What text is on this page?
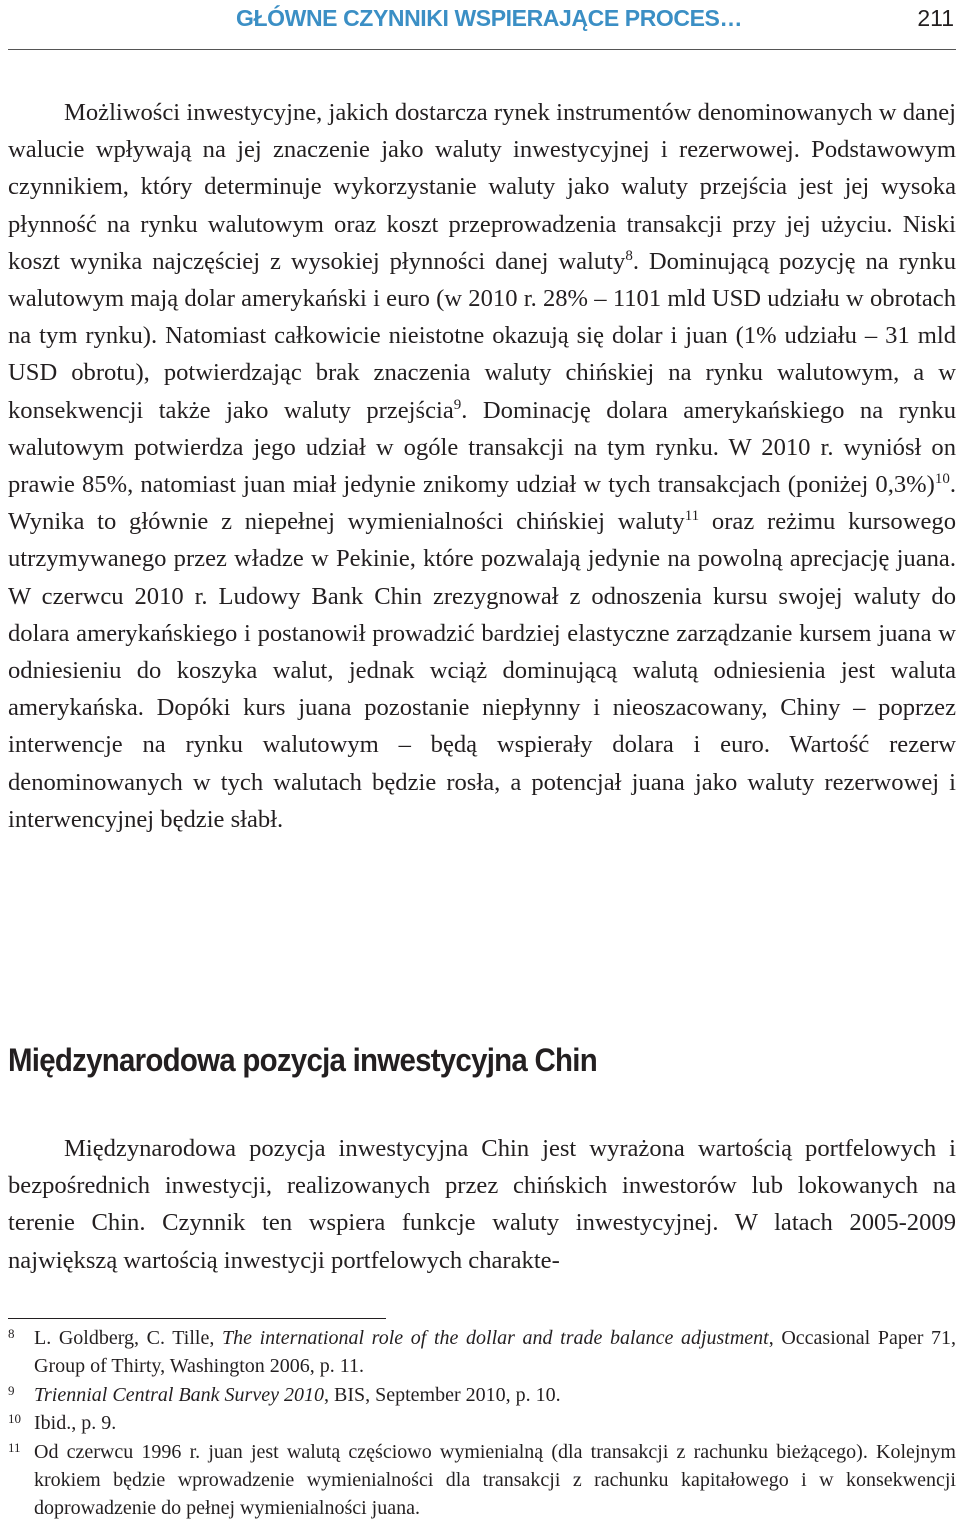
GŁÓWNE CZYNNIKI WSPIERAJĄCE PROCES…	211

Możliwości inwestycyjne, jakich dostarcza rynek instrumentów denominowanych w danej walucie wpływają na jej znaczenie jako waluty inwestycyjnej i rezerwowej. Podstawowym czynnikiem, który determinuje wykorzystanie waluty jako waluty przejścia jest jej wysoka płynność na rynku walutowym oraz koszt przeprowadzenia transakcji przy jej użyciu. Niski koszt wynika najczęściej z wysokiej płynności danej waluty$^8$. Dominującą pozycję na rynku walutowym mają dolar amerykański i euro (w 2010 r. 28% – 1101 mld USD udziału w obrotach na tym rynku). Natomiast całkowicie nieistotne okazują się dolar i juan (1% udziału – 31 mld USD obrotu), potwierdzając brak znaczenia waluty chińskiej na rynku walutowym, a w konsekwencji także jako waluty przejścia$^9$. Dominację dolara amerykańskiego na rynku walutowym potwierdza jego udział w ogóle transakcji na tym rynku. W 2010 r. wyniósł on prawie 85%, natomiast juan miał jedynie znikomy udział w tych transakcjach (poniżej 0,3%)$^{10}$. Wynika to głównie z niepełnej wymienialności chińskiej waluty$^{11}$ oraz reżimu kursowego utrzymywanego przez władze w Pekinie, które pozwalają jedynie na powolną aprecjację juana. W czerwcu 2010 r. Ludowy Bank Chin zrezygnował z odnoszenia kursu swojej waluty do dolara amerykańskiego i postanowił prowadzić bardziej elastyczne zarządzanie kursem juana w odniesieniu do koszyka walut, jednak wciąż dominującą walutą odniesienia jest waluta amerykańska. Dopóki kurs juana pozostanie niepłynny i nieoszacowany, Chiny – poprzez interwencje na rynku walutowym – będą wspierały dolara i euro. Wartość rezerw denominowanych w tych walutach będzie rosła, a potencjał juana jako waluty rezerwowej i interwencyjnej będzie słabł.

Międzynarodowa pozycja inwestycyjna Chin

Międzynarodowa pozycja inwestycyjna Chin jest wyrażona wartością portfelowych i bezpośrednich inwestycji, realizowanych przez chińskich inwestorów lub lokowanych na terenie Chin. Czynnik ten wspiera funkcje waluty inwestycyjnej. W latach 2005-2009 największą wartością inwestycji portfelowych charakte-

8 L. Goldberg, C. Tille, The international role of the dollar and trade balance adjustment, Occasional Paper 71, Group of Thirty, Washington 2006, p. 11.

9 Triennial Central Bank Survey 2010, BIS, September 2010, p. 10.

10 Ibid., p. 9.

11 Od czerwcu 1996 r. juan jest walutą częściowo wymienialną (dla transakcji z rachunku bieżącego). Kolejnym krokiem będzie wprowadzenie wymienialności dla transakcji z rachunku kapitałowego i w konsekwencji doprowadzenie do pełnej wymienialności juana.
